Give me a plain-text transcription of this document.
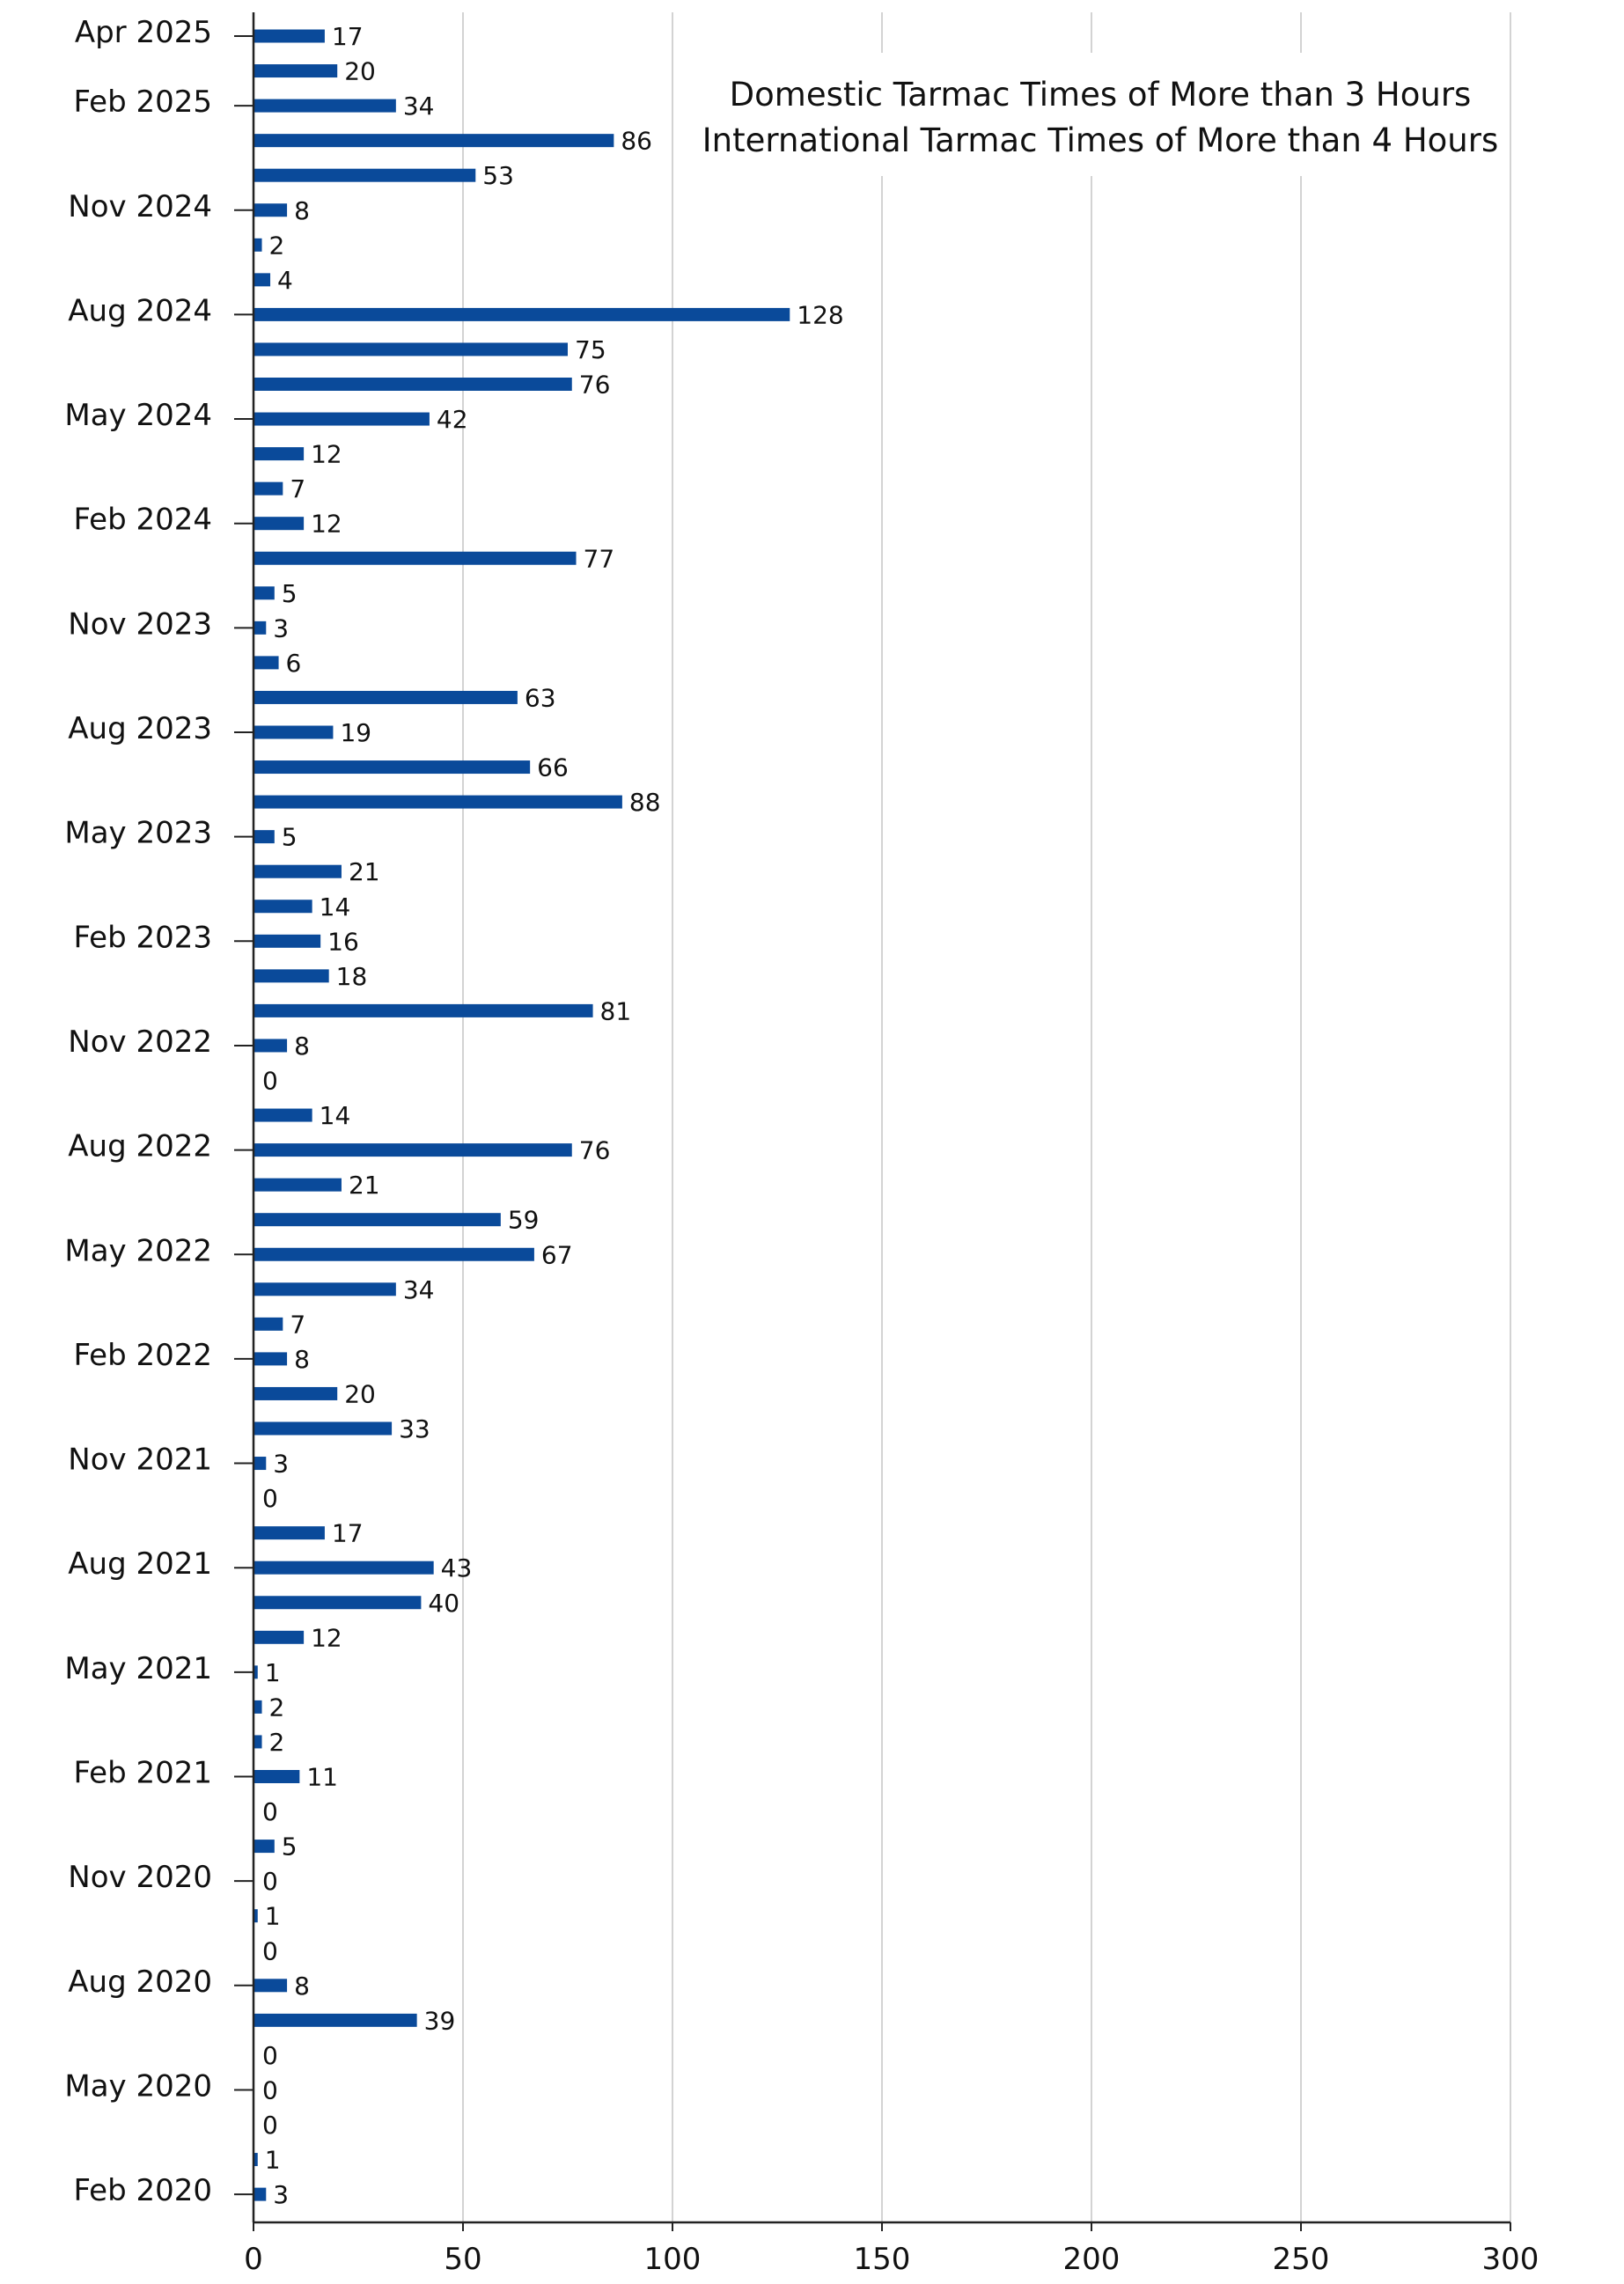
Domestic Tarmac Times of More than 3 Hours
International Tarmac Times of More than 4 Hours
17
20
34
86
53
8
2
4
128
75
76
42
12
7
12
77
5
3
6
63
19
66
88
5
21
14
16
18
81
8
0
14
76
21
59
67
34
7
8
20
33
3
0
17
43
40
12
1
2
2
11
0
5
0
1
0
8
39
0
0
0
1
3
Apr 2025
Feb 2025
Nov 2024
Aug 2024
May 2024
Feb 2024
Nov 2023
Aug 2023
May 2023
Feb 2023
Nov 2022
Aug 2022
May 2022
Feb 2022
Nov 2021
Aug 2021
May 2021
Feb 2021
Nov 2020
Aug 2020
May 2020
Feb 2020
0	50	100	150	200	250	300
